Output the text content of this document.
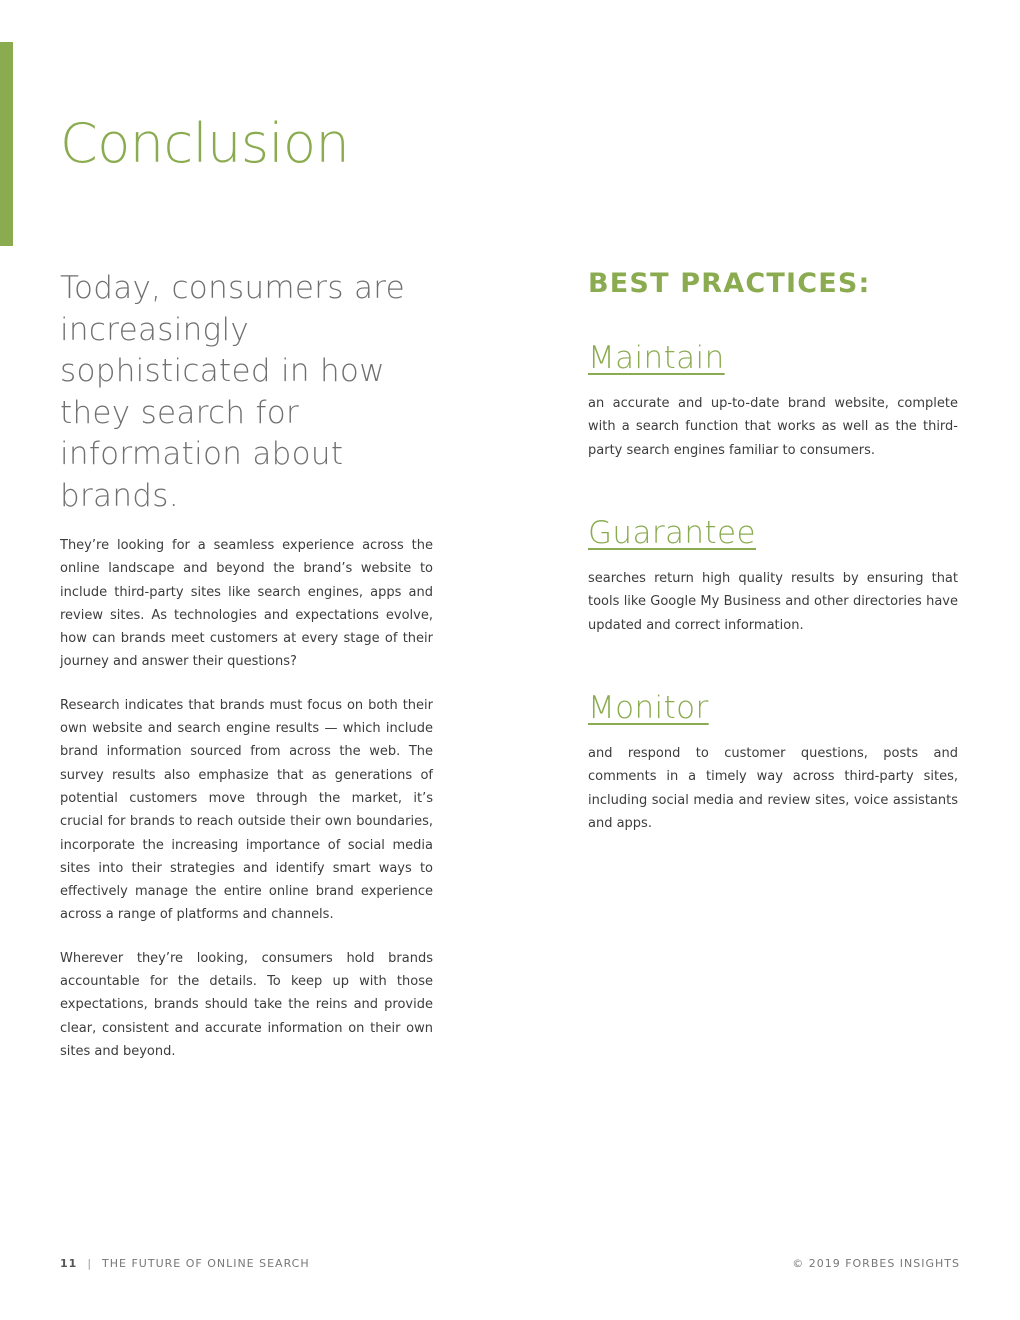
Conclusion

Today, consumers are increasingly sophisticated in how they search for information about brands.

They’re looking for a seamless experience across the online landscape and beyond the brand’s website to include third-party sites like search engines, apps and review sites. As technologies and expectations evolve, how can brands meet customers at every stage of their journey and answer their questions?

Research indicates that brands must focus on both their own website and search engine results — which include brand information sourced from across the web. The survey results also emphasize that as generations of potential customers move through the market, it’s crucial for brands to reach outside their own boundaries, incorporate the increasing importance of social media sites into their strategies and identify smart ways to effectively manage the entire online brand experience across a range of platforms and channels.

Wherever they’re looking, consumers hold brands accountable for the details. To keep up with those expectations, brands should take the reins and provide clear, consistent and accurate information on their own sites and beyond.

BEST PRACTICES:
Maintain

an accurate and up-to-date brand website, complete with a search function that works as well as the third-party search engines familiar to consumers.

Guarantee

searches return high quality results by ensuring that tools like Google My Business and other directories have updated and correct information.

Monitor

and respond to customer questions, posts and comments in a timely way across third-party sites, including social media and review sites, voice assistants and apps.

11 | THE FUTURE OF ONLINE SEARCH	© 2019 FORBES INSIGHTS
